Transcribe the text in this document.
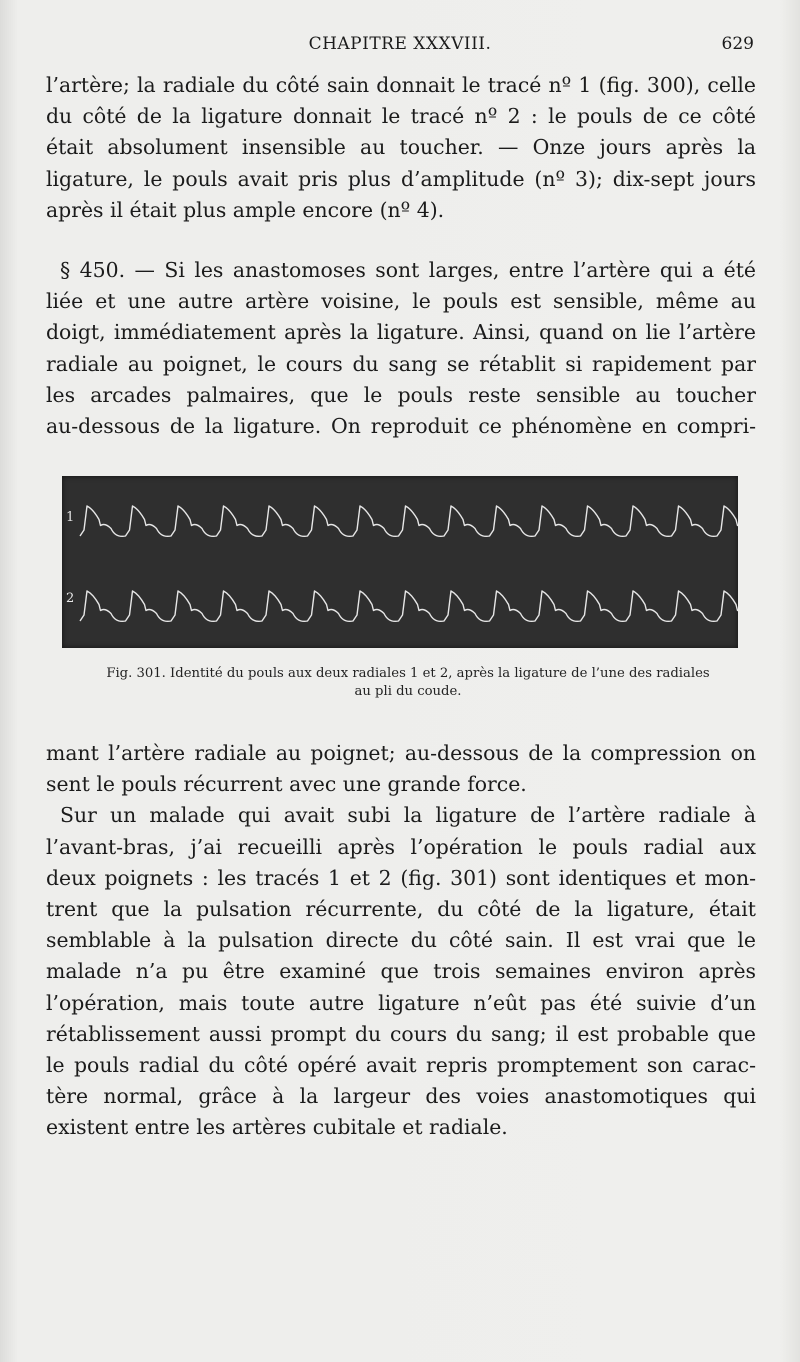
CHAPITRE XXXVIII.	629
l’artère; la radiale du côté sain donnait le tracé nº 1 (fig. 300), celle
du côté de la ligature donnait le tracé nº 2 : le pouls de ce côté
était absolument insensible au toucher. — Onze jours après la
ligature, le pouls avait pris plus d’amplitude (nº 3); dix-sept jours
après il était plus ample encore (nº 4).
§ 450. — Si les anastomoses sont larges, entre l’artère qui a été
liée et une autre artère voisine, le pouls est sensible, même au
doigt, immédiatement après la ligature. Ainsi, quand on lie l’artère
radiale au poignet, le cours du sang se rétablit si rapidement par
les arcades palmaires, que le pouls reste sensible au toucher
au-dessous de la ligature. On reproduit ce phénomène en compri-
1
2
Fig. 301. Identité du pouls aux deux radiales 1 et 2, après la ligature de l’une des radiales
au pli du coude.
mant l’artère radiale au poignet; au-dessous de la compression on
sent le pouls récurrent avec une grande force.
Sur un malade qui avait subi la ligature de l’artère radiale à
l’avant-bras, j’ai recueilli après l’opération le pouls radial aux
deux poignets : les tracés 1 et 2 (fig. 301) sont identiques et mon-
trent que la pulsation récurrente, du côté de la ligature, était
semblable à la pulsation directe du côté sain. Il est vrai que le
malade n’a pu être examiné que trois semaines environ après
l’opération, mais toute autre ligature n’eût pas été suivie d’un
rétablissement aussi prompt du cours du sang; il est probable que
le pouls radial du côté opéré avait repris promptement son carac-
tère normal, grâce à la largeur des voies anastomotiques qui
existent entre les artères cubitale et radiale.
